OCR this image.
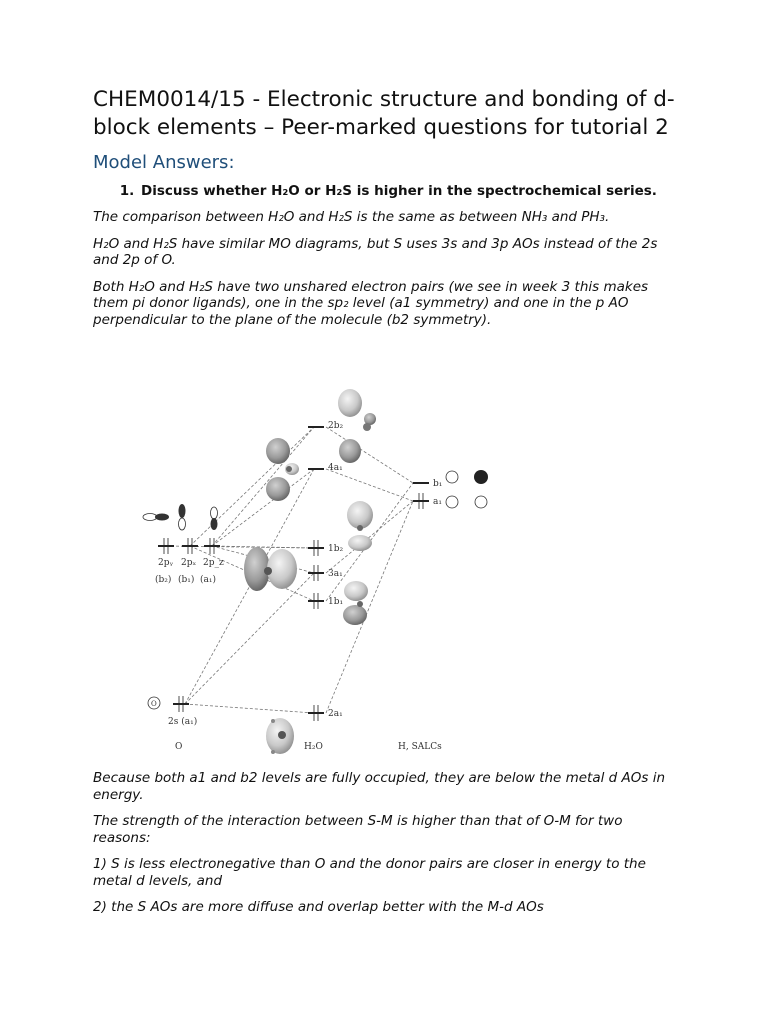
CHEM0014/15 - Electronic structure and bonding of d-block elements – Peer-marked questions for tutorial 2
Model Answers:
1. Discuss whether H₂O or H₂S is higher in the spectrochemical series.

The comparison between H₂O and H₂S is the same as between NH₃ and PH₃.

H₂O and H₂S have similar MO diagrams, but S uses 3s and 3p AOs instead of the 2s and 2p of O.

Both H₂O and H₂S have two unshared electron pairs (we see in week 3 this makes them pi donor ligands), one in the sp₂ level (a1 symmetry) and one in the p AO perpendicular to the plane of the molecule (b2 symmetry).

2pᵧ 2pₓ 2p_z
(b₂) (b₁) (a₁)
O
2s (a₁)
2b₂
4a₁
1b₂
3a₁
1b₁
2a₁
b₁
a₁
O	H₂O	H, SALCs

Because both a1 and b2 levels are fully occupied, they are below the metal d AOs in energy.

The strength of the interaction between S-M is higher than that of O-M for two reasons:

1) S is less electronegative than O and the donor pairs are closer in energy to the metal d levels, and

2) the S AOs are more diffuse and overlap better with the M-d AOs
